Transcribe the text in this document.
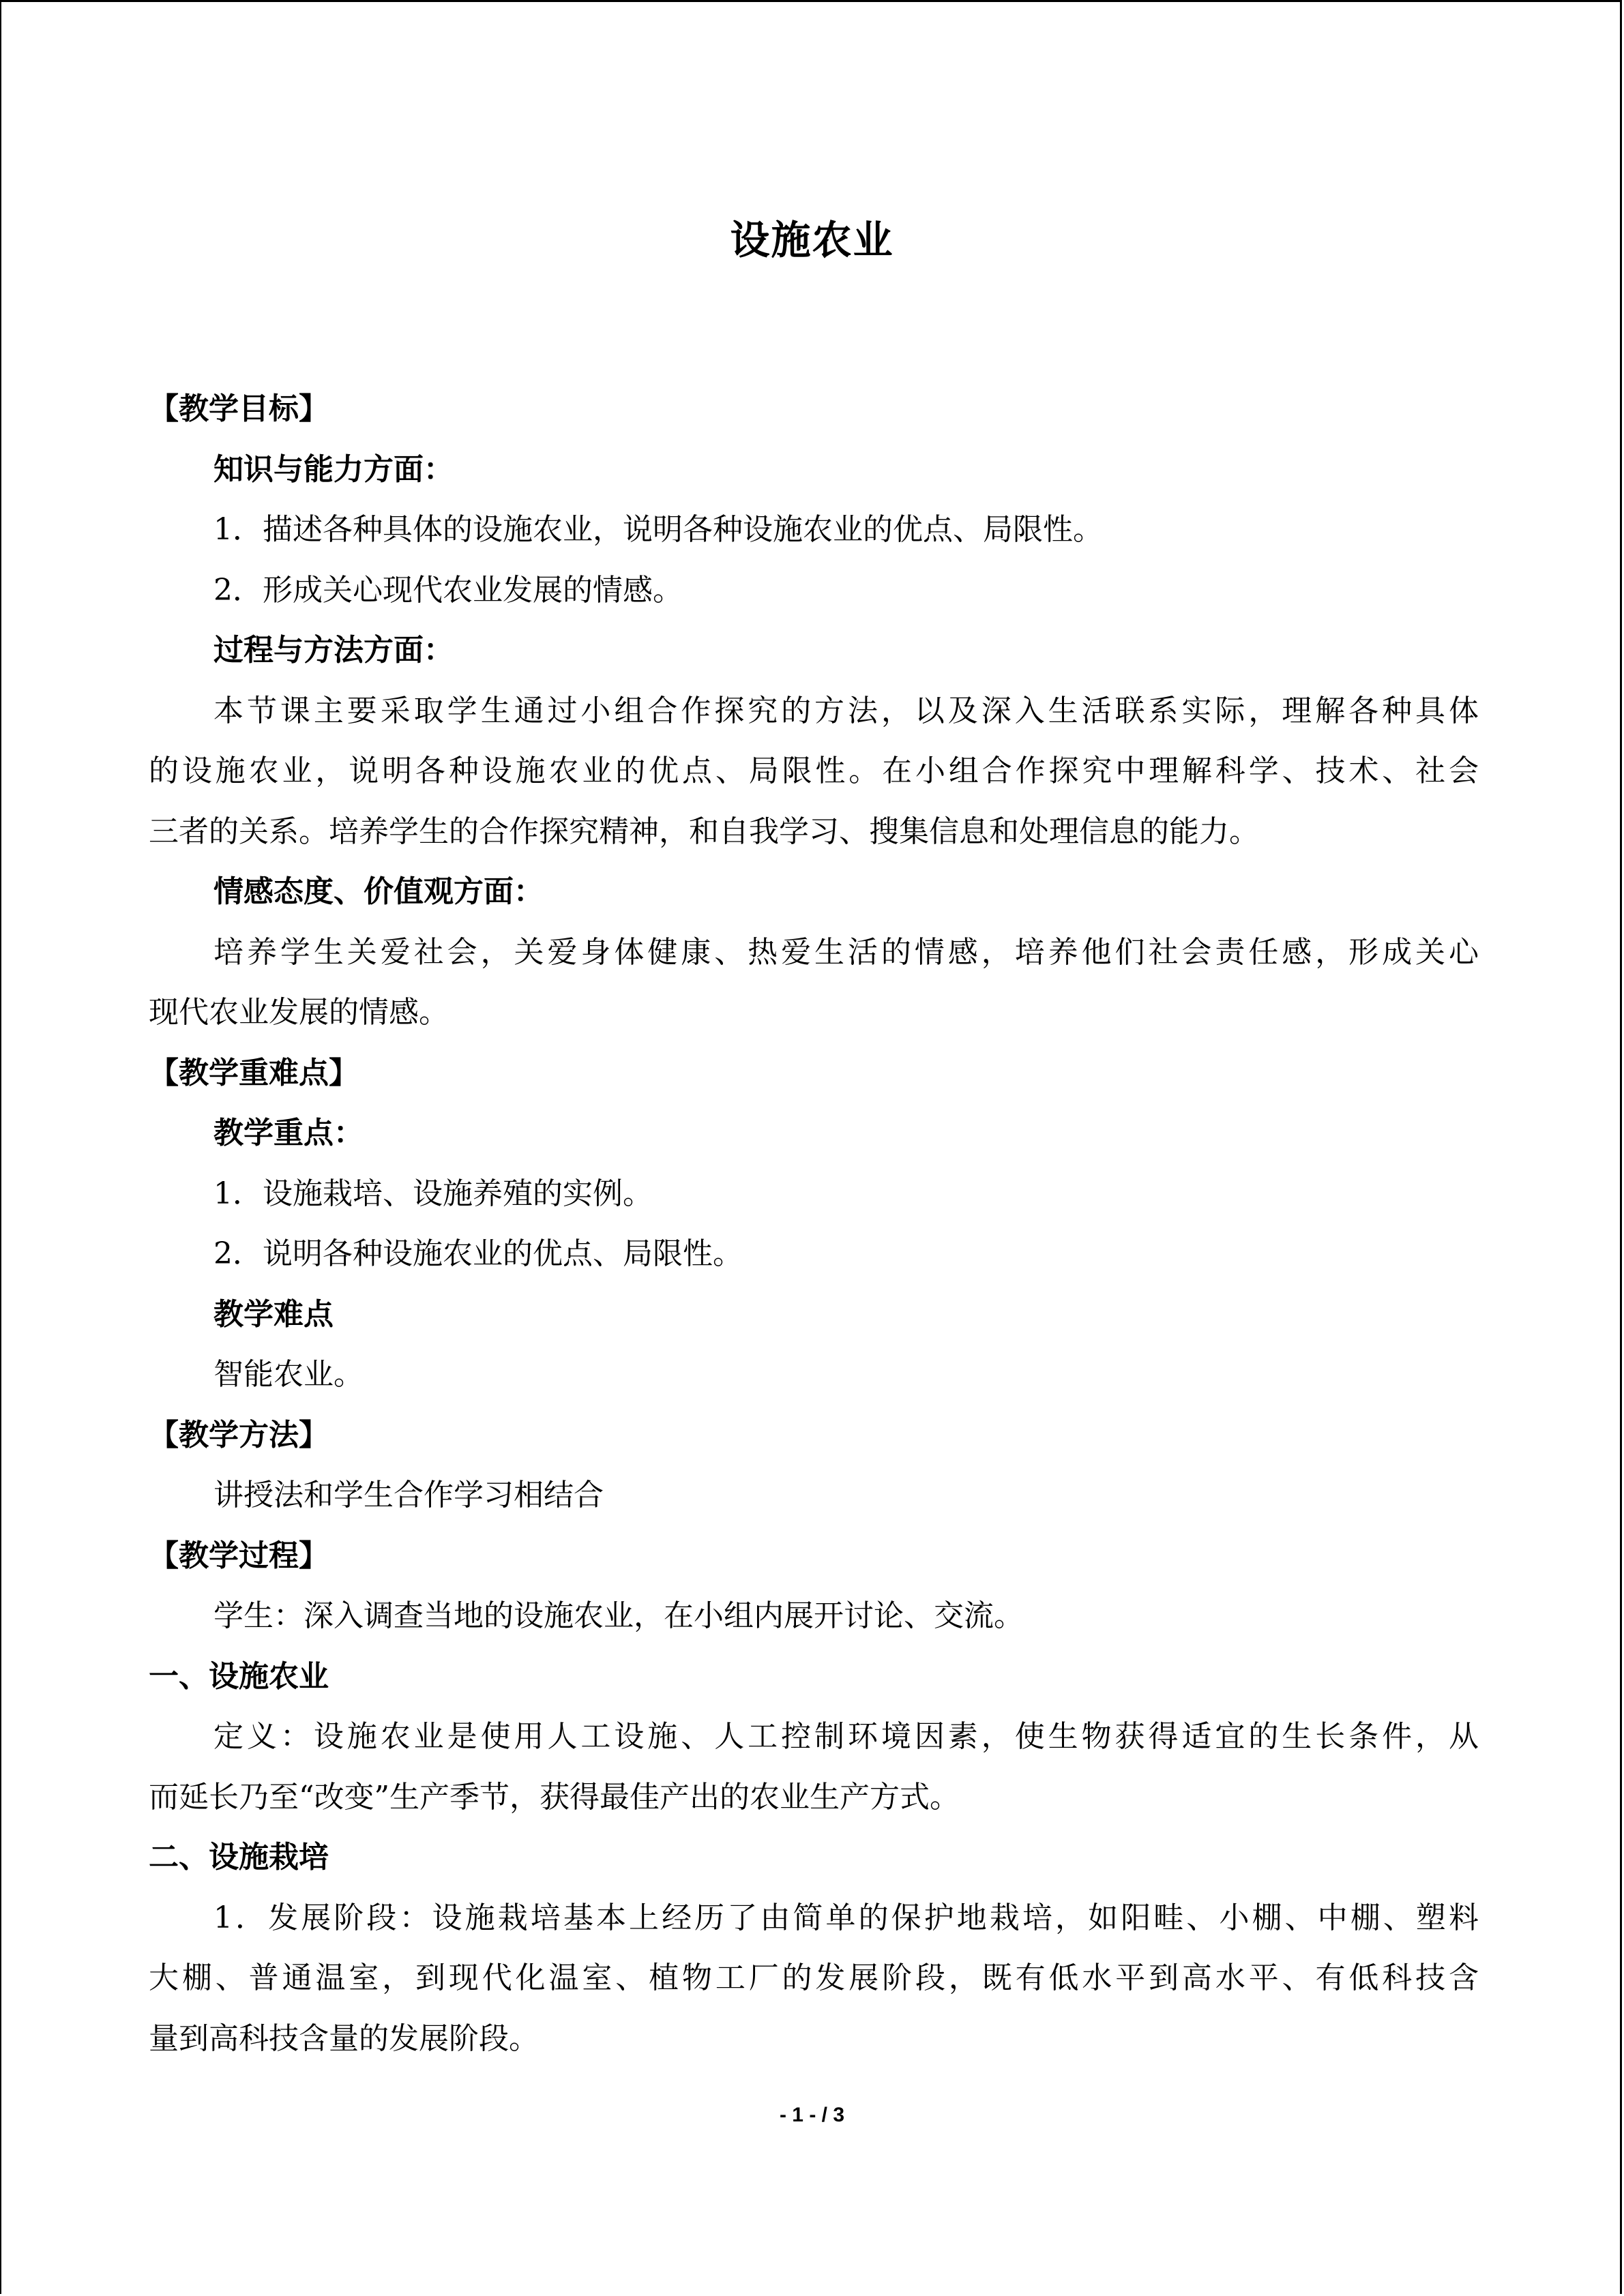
设施农业
【教学目标】
知识与能力方面：
1．描述各种具体的设施农业，说明各种设施农业的优点、局限性。
2．形成关心现代农业发展的情感。
过程与方法方面：
本节课主要采取学生通过小组合作探究的方法，以及深入生活联系实际，理解各种具体
的设施农业，说明各种设施农业的优点、局限性。在小组合作探究中理解科学、技术、社会
三者的关系。培养学生的合作探究精神，和自我学习、搜集信息和处理信息的能力。
情感态度、价值观方面：
培养学生关爱社会，关爱身体健康、热爱生活的情感，培养他们社会责任感，形成关心
现代农业发展的情感。
【教学重难点】
教学重点：
1．设施栽培、设施养殖的实例。
2．说明各种设施农业的优点、局限性。
教学难点
智能农业。
【教学方法】
讲授法和学生合作学习相结合
【教学过程】
学生：深入调查当地的设施农业，在小组内展开讨论、交流。
一、设施农业
定义：设施农业是使用人工设施、人工控制环境因素，使生物获得适宜的生长条件，从
而延长乃至“改变”生产季节，获得最佳产出的农业生产方式。
二、设施栽培
1．发展阶段：设施栽培基本上经历了由简单的保护地栽培，如阳畦、小棚、中棚、塑料
大棚、普通温室，到现代化温室、植物工厂的发展阶段，既有低水平到高水平、有低科技含
量到高科技含量的发展阶段。
- 1 - / 3
